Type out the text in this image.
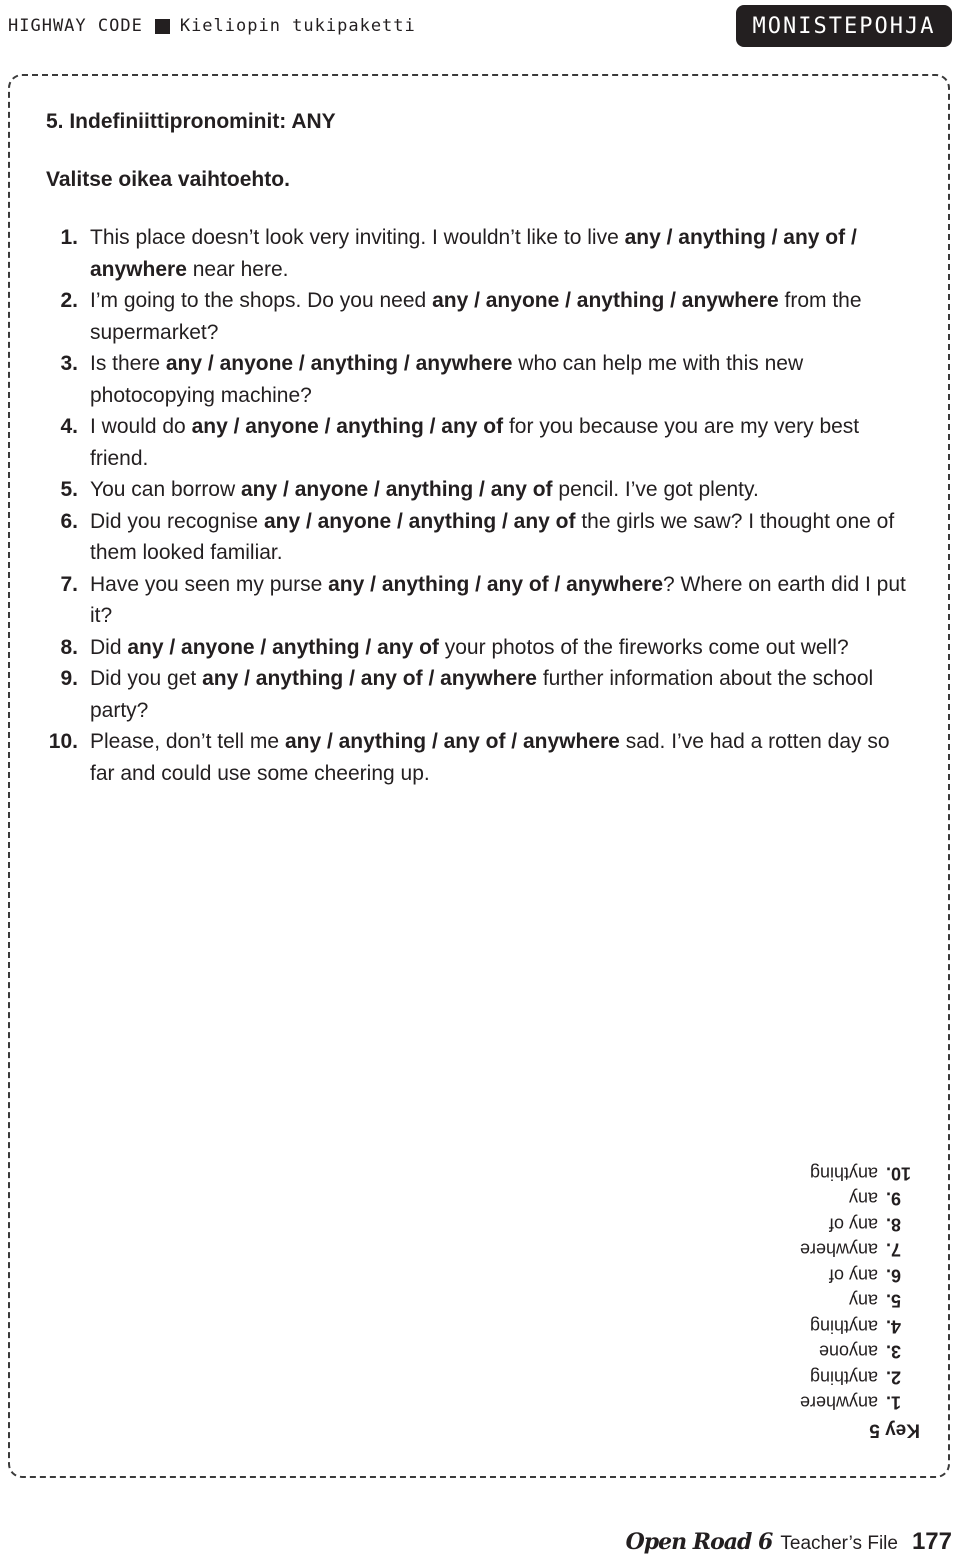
HIGHWAY CODE Kieliopin tukipaketti	MONISTEPOHJA
5. Indefiniittipronominit: ANY
Valitse oikea vaihtoehto.
1. This place doesn’t look very inviting. I wouldn’t like to live any / anything / any of / anywhere near here.
2. I’m going to the shops. Do you need any / anyone / anything / anywhere from the supermarket?
3. Is there any / anyone / anything / anywhere who can help me with this new photocopying machine?
4. I would do any / anyone / anything / any of for you because you are my very best friend.
5. You can borrow any / anyone / anything / any of pencil. I’ve got plenty.
6. Did you recognise any / anyone / anything / any of the girls we saw? I thought one of them looked familiar.
7. Have you seen my purse any / anything / any of / anywhere? Where on earth did I put it?
8. Did any / anyone / anything / any of your photos of the fireworks come out well?
9. Did you get any / anything / any of / anywhere further information about the school party?
10. Please, don’t tell me any / anything / any of / anywhere sad. I’ve had a rotten day so far and could use some cheering up.
Key 5
1.
anywhere
2.
anything
3.
anyone
4.
anything
5.
any
6.
any of
7.
anywhere
8.
any of
9.
any
10.
anything
Open Road 6 Teacher’s File 177
